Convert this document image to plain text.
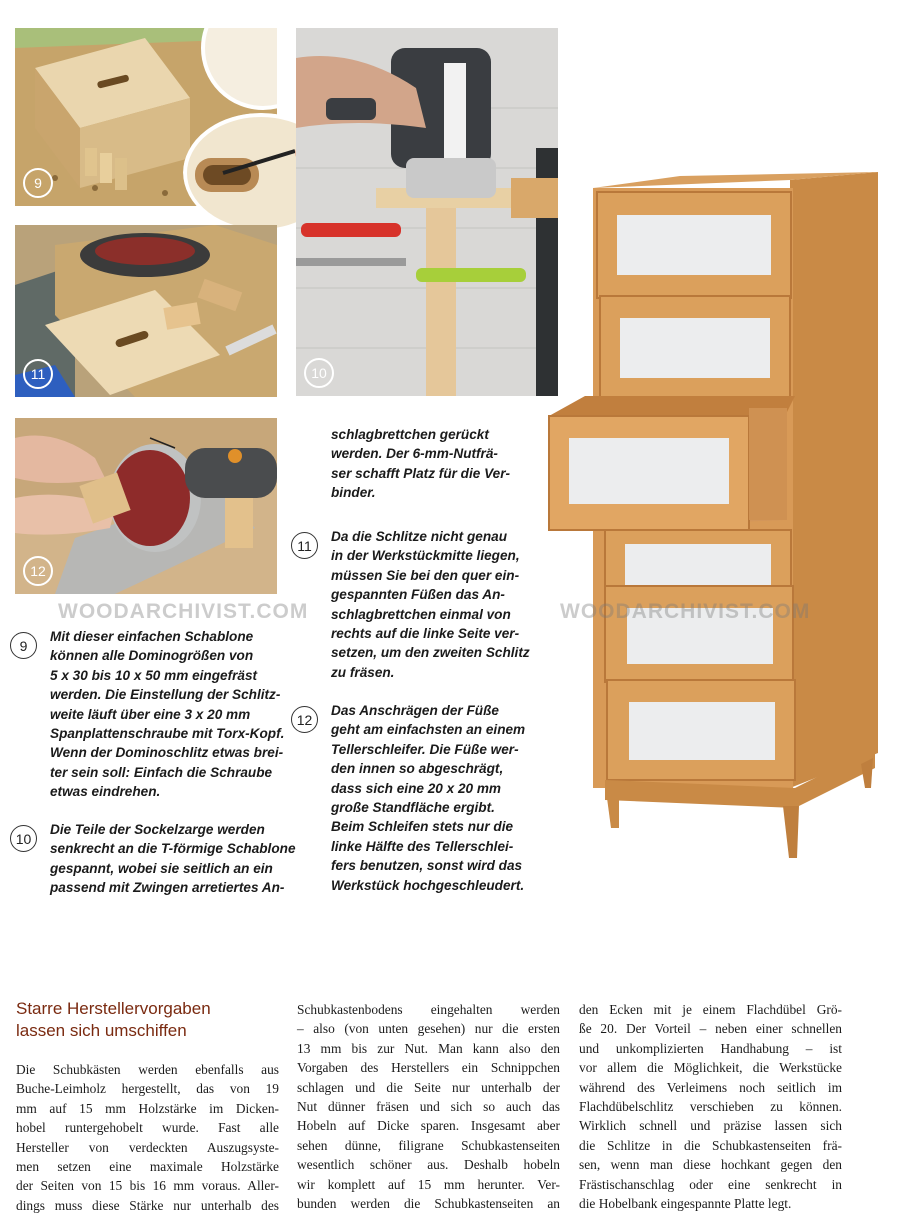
9
11	10
12
WOODARCHIVIST.COM	WOODARCHIVIST.COM
9
Mit dieser einfachen Schablone
können alle Dominogrößen von
5 x 30 bis 10 x 50 mm eingefräst
werden. Die Einstellung der Schlitz-
weite läuft über eine 3 x 20 mm
Spanplattenschraube mit Torx-Kopf.
Wenn der Dominoschlitz etwas brei-
ter sein soll: Einfach die Schraube
etwas eindrehen.
10
Die Teile der Sockelzarge werden
senkrecht an die T-förmige Schablone
gespannt, wobei sie seitlich an ein
passend mit Zwingen arretiertes An-
schlagbrettchen gerückt
werden. Der 6-mm-Nutfrä-
ser schafft Platz für die Ver-
binder.
11
Da die Schlitze nicht genau
in der Werkstückmitte liegen,
müssen Sie bei den quer ein-
gespannten Füßen das An-
schlagbrettchen einmal von
rechts auf die linke Seite ver-
setzen, um den zweiten Schlitz
zu fräsen.
12
Das Anschrägen der Füße
geht am einfachsten an einem
Tellerschleifer. Die Füße wer-
den innen so abgeschrägt,
dass sich eine 20 x 20 mm
große Standfläche ergibt.
Beim Schleifen stets nur die
linke Hälfte des Tellerschlei-
fers benutzen, sonst wird das
Werkstück hochgeschleudert.
Starre Herstellervorgaben
lassen sich umschiffen
Die Schubkästen werden ebenfalls aus
Buche-Leimholz hergestellt, das von 19
mm auf 15 mm Holzstärke im Dicken-
hobel runtergehobelt wurde. Fast alle
Hersteller von verdeckten Auszugsyste-
men setzen eine maximale Holzstärke
der Seiten von 15 bis 16 mm voraus. Aller-
dings muss diese Stärke nur unterhalb des
Schubkastenbodens eingehalten werden
– also (von unten gesehen) nur die ersten
13 mm bis zur Nut. Man kann also den
Vorgaben des Herstellers ein Schnippchen
schlagen und die Seite nur unterhalb der
Nut dünner fräsen und sich so auch das
Hobeln auf Dicke sparen. Insgesamt aber
sehen dünne, filigrane Schubkastenseiten
wesentlich schöner aus. Deshalb hobeln
wir komplett auf 15 mm herunter. Ver-
bunden werden die Schubkastenseiten an
den Ecken mit je einem Flachdübel Grö-
ße 20. Der Vorteil – neben einer schnellen
und unkomplizierten Handhabung – ist
vor allem die Möglichkeit, die Werkstücke
während des Verleimens noch seitlich im
Flachdübelschlitz verschieben zu können.
Wirklich schnell und präzise lassen sich
die Schlitze in die Schubkastenseiten frä-
sen, wenn man diese hochkant gegen den
Frästischanschlag oder eine senkrecht in
die Hobelbank eingespannte Platte legt.
